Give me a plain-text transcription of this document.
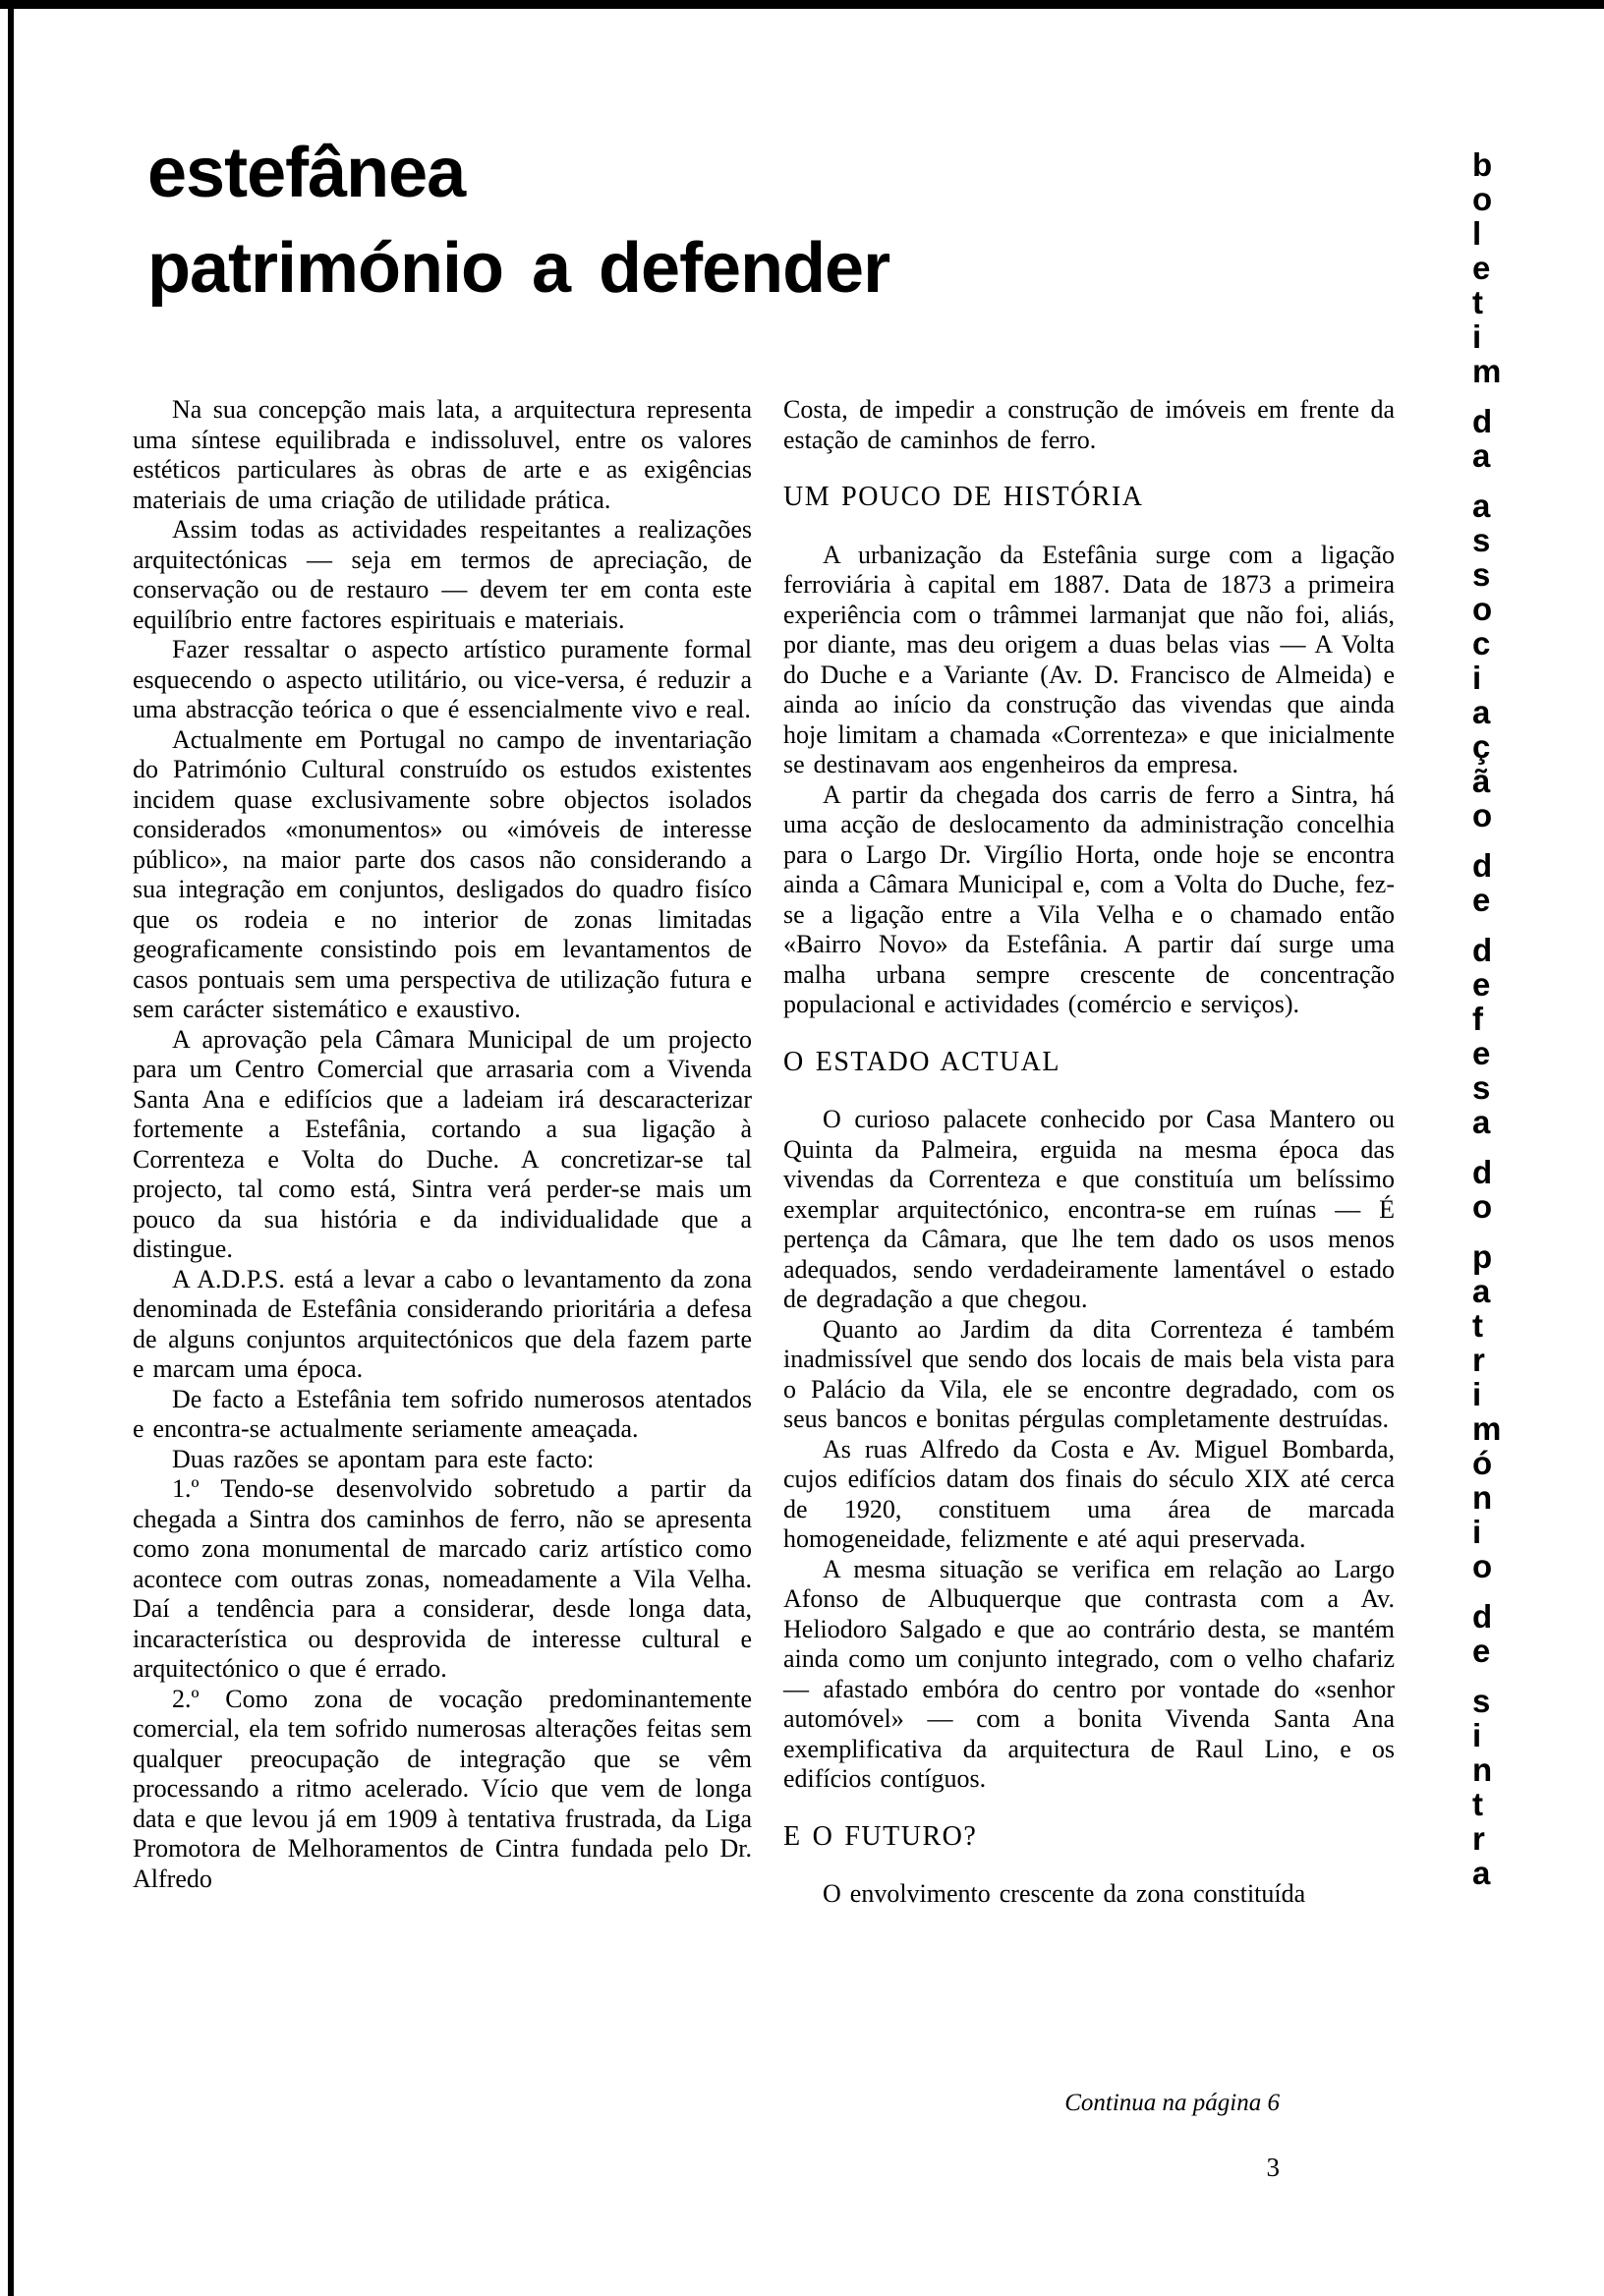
estefânea
património a defender

Na sua concepção mais lata, a arquitectura representa uma síntese equilibrada e indissoluvel, entre os valores estéticos particulares às obras de arte e as exigências materiais de uma criação de utilidade prática.

Assim todas as actividades respeitantes a realizações arquitectónicas — seja em termos de apreciação, de conservação ou de restauro — devem ter em conta este equilíbrio entre factores espirituais e materiais.

Fazer ressaltar o aspecto artístico puramente formal esquecendo o aspecto utilitário, ou vice-versa, é reduzir a uma abstracção teórica o que é essencialmente vivo e real.

Actualmente em Portugal no campo de inventariação do Património Cultural construído os estudos existentes incidem quase exclusivamente sobre objectos isolados considerados «monumentos» ou «imóveis de interesse público», na maior parte dos casos não considerando a sua integração em conjuntos, desligados do quadro fisíco que os rodeia e no interior de zonas limitadas geograficamente consistindo pois em levantamentos de casos pontuais sem uma perspectiva de utilização futura e sem carácter sistemático e exaustivo.

A aprovação pela Câmara Municipal de um projecto para um Centro Comercial que arrasaria com a Vivenda Santa Ana e edifícios que a ladeiam irá descaracterizar fortemente a Estefânia, cortando a sua ligação à Correnteza e Volta do Duche. A concretizar-se tal projecto, tal como está, Sintra verá perder-se mais um pouco da sua história e da individualidade que a distingue.

A A.D.P.S. está a levar a cabo o levantamento da zona denominada de Estefânia considerando prioritária a defesa de alguns conjuntos arquitectónicos que dela fazem parte e marcam uma época.

De facto a Estefânia tem sofrido numerosos atentados e encontra-se actualmente seriamente ameaçada.

Duas razões se apontam para este facto:

1.º Tendo-se desenvolvido sobretudo a partir da chegada a Sintra dos caminhos de ferro, não se apresenta como zona monumental de marcado cariz artístico como acontece com outras zonas, nomeadamente a Vila Velha. Daí a tendência para a considerar, desde longa data, incaracterística ou desprovida de interesse cultural e arquitectónico o que é errado.

2.º Como zona de vocação predominantemente comercial, ela tem sofrido numerosas alterações feitas sem qualquer preocupação de integração que se vêm processando a ritmo acelerado. Vício que vem de longa data e que levou já em 1909 à tentativa frustrada, da Liga Promotora de Melhoramentos de Cintra fundada pelo Dr. Alfredo

Costa, de impedir a construção de imóveis em frente da estação de caminhos de ferro.

UM POUCO DE HISTÓRIA

A urbanização da Estefânia surge com a ligação ferroviária à capital em 1887. Data de 1873 a primeira experiência com o trâmmei larmanjat que não foi, aliás, por diante, mas deu origem a duas belas vias — A Volta do Duche e a Variante (Av. D. Francisco de Almeida) e ainda ao início da construção das vivendas que ainda hoje limitam a chamada «Correnteza» e que inicialmente se destinavam aos engenheiros da empresa.

A partir da chegada dos carris de ferro a Sintra, há uma acção de deslocamento da administração concelhia para o Largo Dr. Virgílio Horta, onde hoje se encontra ainda a Câmara Municipal e, com a Volta do Duche, fez-se a ligação entre a Vila Velha e o chamado então «Bairro Novo» da Estefânia. A partir daí surge uma malha urbana sempre crescente de concentração populacional e actividades (comércio e serviços).

O ESTADO ACTUAL

O curioso palacete conhecido por Casa Mantero ou Quinta da Palmeira, erguida na mesma época das vivendas da Correnteza e que constituía um belíssimo exemplar arquitectónico, encontra-se em ruínas — É pertença da Câmara, que lhe tem dado os usos menos adequados, sendo verdadeiramente lamentável o estado de degradação a que chegou.

Quanto ao Jardim da dita Correnteza é também inadmissível que sendo dos locais de mais bela vista para o Palácio da Vila, ele se encontre degradado, com os seus bancos e bonitas pérgulas completamente destruídas.

As ruas Alfredo da Costa e Av. Miguel Bombarda, cujos edifícios datam dos finais do século XIX até cerca de 1920, constituem uma área de marcada homogeneidade, felizmente e até aqui preservada.

A mesma situação se verifica em relação ao Largo Afonso de Albuquerque que contrasta com a Av. Heliodoro Salgado e que ao contrário desta, se mantém ainda como um conjunto integrado, com o velho chafariz — afastado embóra do centro por vontade do «senhor automóvel» — com a bonita Vivenda Santa Ana exemplificativa da arquitectura de Raul Lino, e os edifícios contíguos.

E O FUTURO?

O envolvimento crescente da zona constituída

b
o
l
e
t
i
m
d
a
a
s
s
o
c
i
a
ç
ã
o
d
e
d
e
f
e
s
a
d
o
p
a
t
r
i
m
ó
n
i
o
d
e
s
i
n
t
r
a
Continua na página 6
3
